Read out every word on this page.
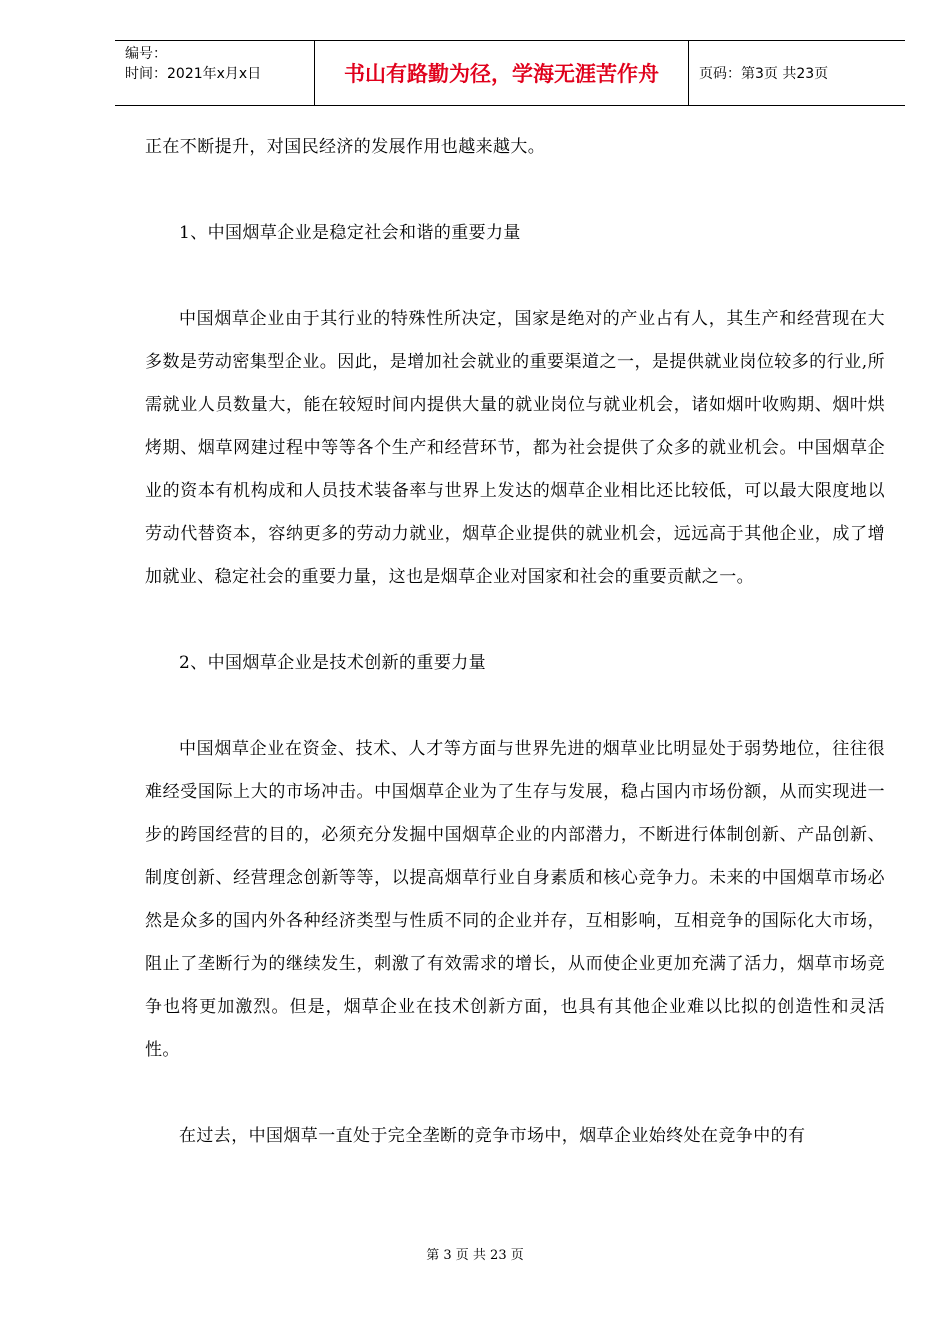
编号：
时间：2021年x月x日	书山有路勤为径，学海无涯苦作舟	页码：第3页 共23页

正在不断提升，对国民经济的发展作用也越来越大。

1、中国烟草企业是稳定社会和谐的重要力量

中国烟草企业由于其行业的特殊性所决定，国家是绝对的产业占有人，其生产和经营现在大多数是劳动密集型企业。因此，是增加社会就业的重要渠道之一，是提供就业岗位较多的行业,所需就业人员数量大，能在较短时间内提供大量的就业岗位与就业机会，诸如烟叶收购期、烟叶烘烤期、烟草网建过程中等等各个生产和经营环节，都为社会提供了众多的就业机会。中国烟草企业的资本有机构成和人员技术装备率与世界上发达的烟草企业相比还比较低，可以最大限度地以劳动代替资本，容纳更多的劳动力就业，烟草企业提供的就业机会，远远高于其他企业，成了增加就业、稳定社会的重要力量，这也是烟草企业对国家和社会的重要贡献之一。

2、中国烟草企业是技术创新的重要力量

中国烟草企业在资金、技术、人才等方面与世界先进的烟草业比明显处于弱势地位，往往很难经受国际上大的市场冲击。中国烟草企业为了生存与发展，稳占国内市场份额，从而实现进一步的跨国经营的目的，必须充分发掘中国烟草企业的内部潜力，不断进行体制创新、产品创新、制度创新、经营理念创新等等，以提高烟草行业自身素质和核心竞争力。未来的中国烟草市场必然是众多的国内外各种经济类型与性质不同的企业并存，互相影响，互相竞争的国际化大市场，阻止了垄断行为的继续发生，刺激了有效需求的增长，从而使企业更加充满了活力，烟草市场竞争也将更加激烈。但是，烟草企业在技术创新方面，也具有其他企业难以比拟的创造性和灵活性。

在过去，中国烟草一直处于完全垄断的竞争市场中，烟草企业始终处在竞争中的有

第 3 页 共 23 页
